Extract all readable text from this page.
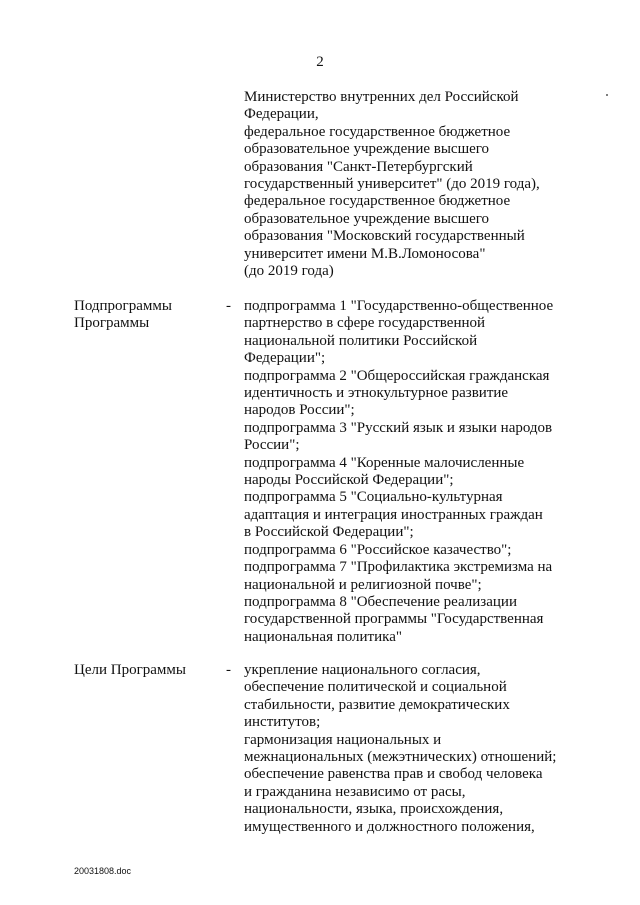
2
Министерство внутренних дел Российской
Федерации,
федеральное государственное бюджетное
образовательное учреждение высшего
образования "Санкт-Петербургский
государственный университет" (до 2019 года),
федеральное государственное бюджетное
образовательное учреждение высшего
образования "Московский государственный
университет имени М.В.Ломоносова"
(до 2019 года)
Подпрограммы
Программы
- подпрограмма 1 "Государственно-общественное
партнерство в сфере государственной
национальной политики Российской
Федерации";
подпрограмма 2 "Общероссийская гражданская
идентичность и этнокультурное развитие
народов России";
подпрограмма 3 "Русский язык и языки народов
России";
подпрограмма 4 "Коренные малочисленные
народы Российской Федерации";
подпрограмма 5 "Социально-культурная
адаптация и интеграция иностранных граждан
в Российской Федерации";
подпрограмма 6 "Российское казачество";
подпрограмма 7 "Профилактика экстремизма на
национальной и религиозной почве";
подпрограмма 8 "Обеспечение реализации
государственной программы "Государственная
национальная политика"
Цели Программы	- укрепление национального согласия,
обеспечение политической и социальной
стабильности, развитие демократических
институтов;
гармонизация национальных и
межнациональных (межэтнических) отношений;
обеспечение равенства прав и свобод человека
и гражданина независимо от расы,
национальности, языка, происхождения,
имущественного и должностного положения,
20031808.doc
